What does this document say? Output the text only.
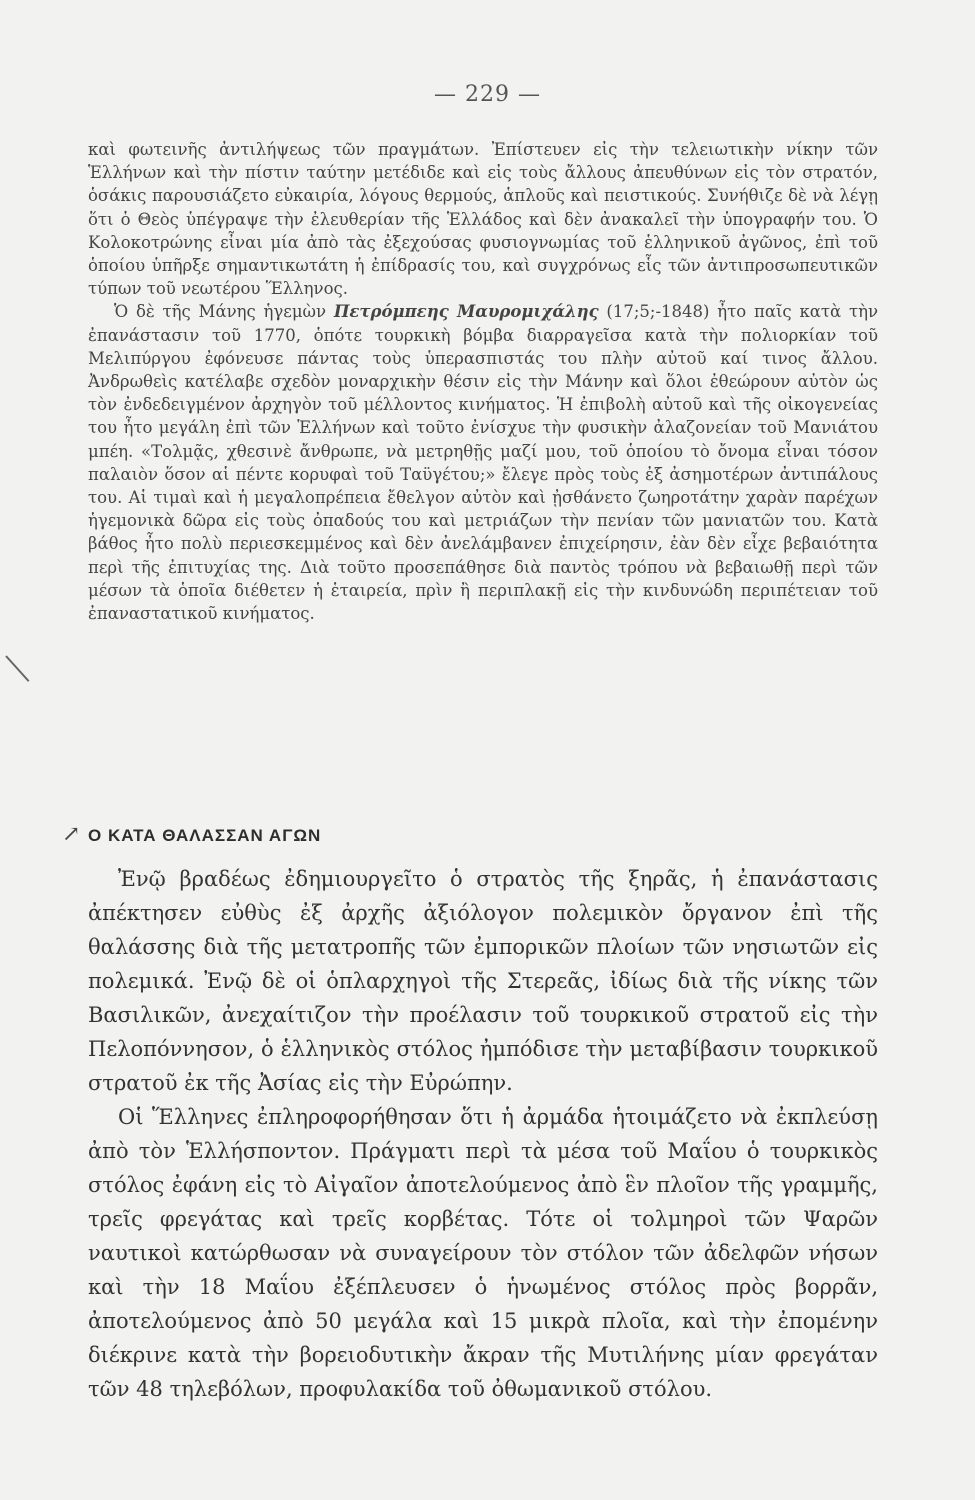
— 229 —

καὶ φωτεινῆς ἀντιλήψεως τῶν πραγμάτων. Ἐπίστευεν εἰς τὴν τελειωτικὴν νίκην τῶν Ἑλλήνων καὶ τὴν πίστιν ταύτην μετέδιδε καὶ εἰς τοὺς ἄλλους ἀπευθύνων εἰς τὸν στρατόν, ὁσάκις παρουσιάζετο εὐκαιρία, λόγους θερμούς, ἁπλοῦς καὶ πειστικούς. Συνήθιζε δὲ νὰ λέγῃ ὅτι ὁ Θεὸς ὑπέγραψε τὴν ἐλευθερίαν τῆς Ἑλλάδος καὶ δὲν ἀνακαλεῖ τὴν ὑπογραφήν του. Ὁ Κολοκοτρώνης εἶναι μία ἀπὸ τὰς ἐξεχούσας φυσιογνωμίας τοῦ ἑλληνικοῦ ἀγῶνος, ἐπὶ τοῦ ὁποίου ὑπῆρξε σημαντικωτάτη ἡ ἐπίδρασίς του, καὶ συγχρόνως εἷς τῶν ἀντιπροσωπευτικῶν τύπων τοῦ νεωτέρου Ἕλληνος.

Ὁ δὲ τῆς Μάνης ἡγεμὼν Πετρόμπεης Μαυρομιχάλης (17;5;-1848) ἦτο παῖς κατὰ τὴν ἐπανάστασιν τοῦ 1770, ὁπότε τουρκικὴ βόμβα διαρραγεῖσα κατὰ τὴν πολιορκίαν τοῦ Μελιπύργου ἐφόνευσε πάντας τοὺς ὑπερασπιστάς του πλὴν αὐτοῦ καί τινος ἄλλου. Ἀνδρωθεὶς κατέλαβε σχεδὸν μοναρχικὴν θέσιν εἰς τὴν Μάνην καὶ ὅλοι ἐθεώρουν αὐτὸν ὡς τὸν ἐνδεδειγμένον ἀρχηγὸν τοῦ μέλλοντος κινήματος. Ἡ ἐπιβολὴ αὐτοῦ καὶ τῆς οἰκογενείας του ἦτο μεγάλη ἐπὶ τῶν Ἑλλήνων καὶ τοῦτο ἐνίσχυε τὴν φυσικὴν ἀλαζονείαν τοῦ Μανιάτου μπέη. «Τολμᾷς, χθεσινὲ ἄνθρωπε, νὰ μετρηθῇς μαζί μου, τοῦ ὁποίου τὸ ὄνομα εἶναι τόσον παλαιὸν ὅσον αἱ πέντε κορυφαὶ τοῦ Ταϋγέτου;» ἔλεγε πρὸς τοὺς ἐξ ἀσημοτέρων ἀντιπάλους του. Αἱ τιμαὶ καὶ ἡ μεγαλοπρέπεια ἔθελγον αὐτὸν καὶ ᾐσθάνετο ζωηροτάτην χαρὰν παρέχων ἡγεμονικὰ δῶρα εἰς τοὺς ὀπαδούς του καὶ μετριάζων τὴν πενίαν τῶν μανιατῶν του. Κατὰ βάθος ἦτο πολὺ περιεσκεμμένος καὶ δὲν ἀνελάμβανεν ἐπιχείρησιν, ἐὰν δὲν εἶχε βεβαιότητα περὶ τῆς ἐπιτυχίας της. Διὰ τοῦτο προσεπάθησε διὰ παντὸς τρόπου νὰ βεβαιωθῇ περὶ τῶν μέσων τὰ ὁποῖα διέθετεν ἡ ἑταιρεία, πρὶν ἢ περιπλακῇ εἰς τὴν κινδυνώδη περιπέτειαν τοῦ ἐπαναστατικοῦ κινήματος.

↗ Ο ΚΑΤΑ ΘΑΛΑΣΣΑΝ ΑΓΩΝ

Ἐνῷ βραδέως ἐδημιουργεῖτο ὁ στρατὸς τῆς ξηρᾶς, ἡ ἐπανάστασις ἀπέκτησεν εὐθὺς ἐξ ἀρχῆς ἀξιόλογον πολεμικὸν ὄργανον ἐπὶ τῆς θαλάσσης διὰ τῆς μετατροπῆς τῶν ἐμπορικῶν πλοίων τῶν νησιωτῶν εἰς πολεμικά. Ἐνῷ δὲ οἱ ὁπλαρχηγοὶ τῆς Στερεᾶς, ἰδίως διὰ τῆς νίκης τῶν Βασιλικῶν, ἀνεχαίτιζον τὴν προέλασιν τοῦ τουρκικοῦ στρατοῦ εἰς τὴν Πελοπόννησον, ὁ ἑλληνικὸς στόλος ἠμπόδισε τὴν μεταβίβασιν τουρκικοῦ στρατοῦ ἐκ τῆς Ἀσίας εἰς τὴν Εὐρώπην.

Οἱ Ἕλληνες ἐπληροφορήθησαν ὅτι ἡ ἀρμάδα ἡτοιμάζετο νὰ ἐκπλεύσῃ ἀπὸ τὸν Ἑλλήσποντον. Πράγματι περὶ τὰ μέσα τοῦ Μαΐου ὁ τουρκικὸς στόλος ἐφάνη εἰς τὸ Αἰγαῖον ἀποτελούμενος ἀπὸ ἓν πλοῖον τῆς γραμμῆς, τρεῖς φρεγάτας καὶ τρεῖς κορβέτας. Τότε οἱ τολμηροὶ τῶν Ψαρῶν ναυτικοὶ κατώρθωσαν νὰ συναγείρουν τὸν στόλον τῶν ἀδελφῶν νήσων καὶ τὴν 18 Μαΐου ἐξέπλευσεν ὁ ἡνωμένος στόλος πρὸς βορρᾶν, ἀποτελούμενος ἀπὸ 50 μεγάλα καὶ 15 μικρὰ πλοῖα, καὶ τὴν ἐπομένην διέκρινε κατὰ τὴν βορειοδυτικὴν ἄκραν τῆς Μυτιλήνης μίαν φρεγάταν τῶν 48 τηλεβόλων, προφυλακίδα τοῦ ὀθωμανικοῦ στόλου.
